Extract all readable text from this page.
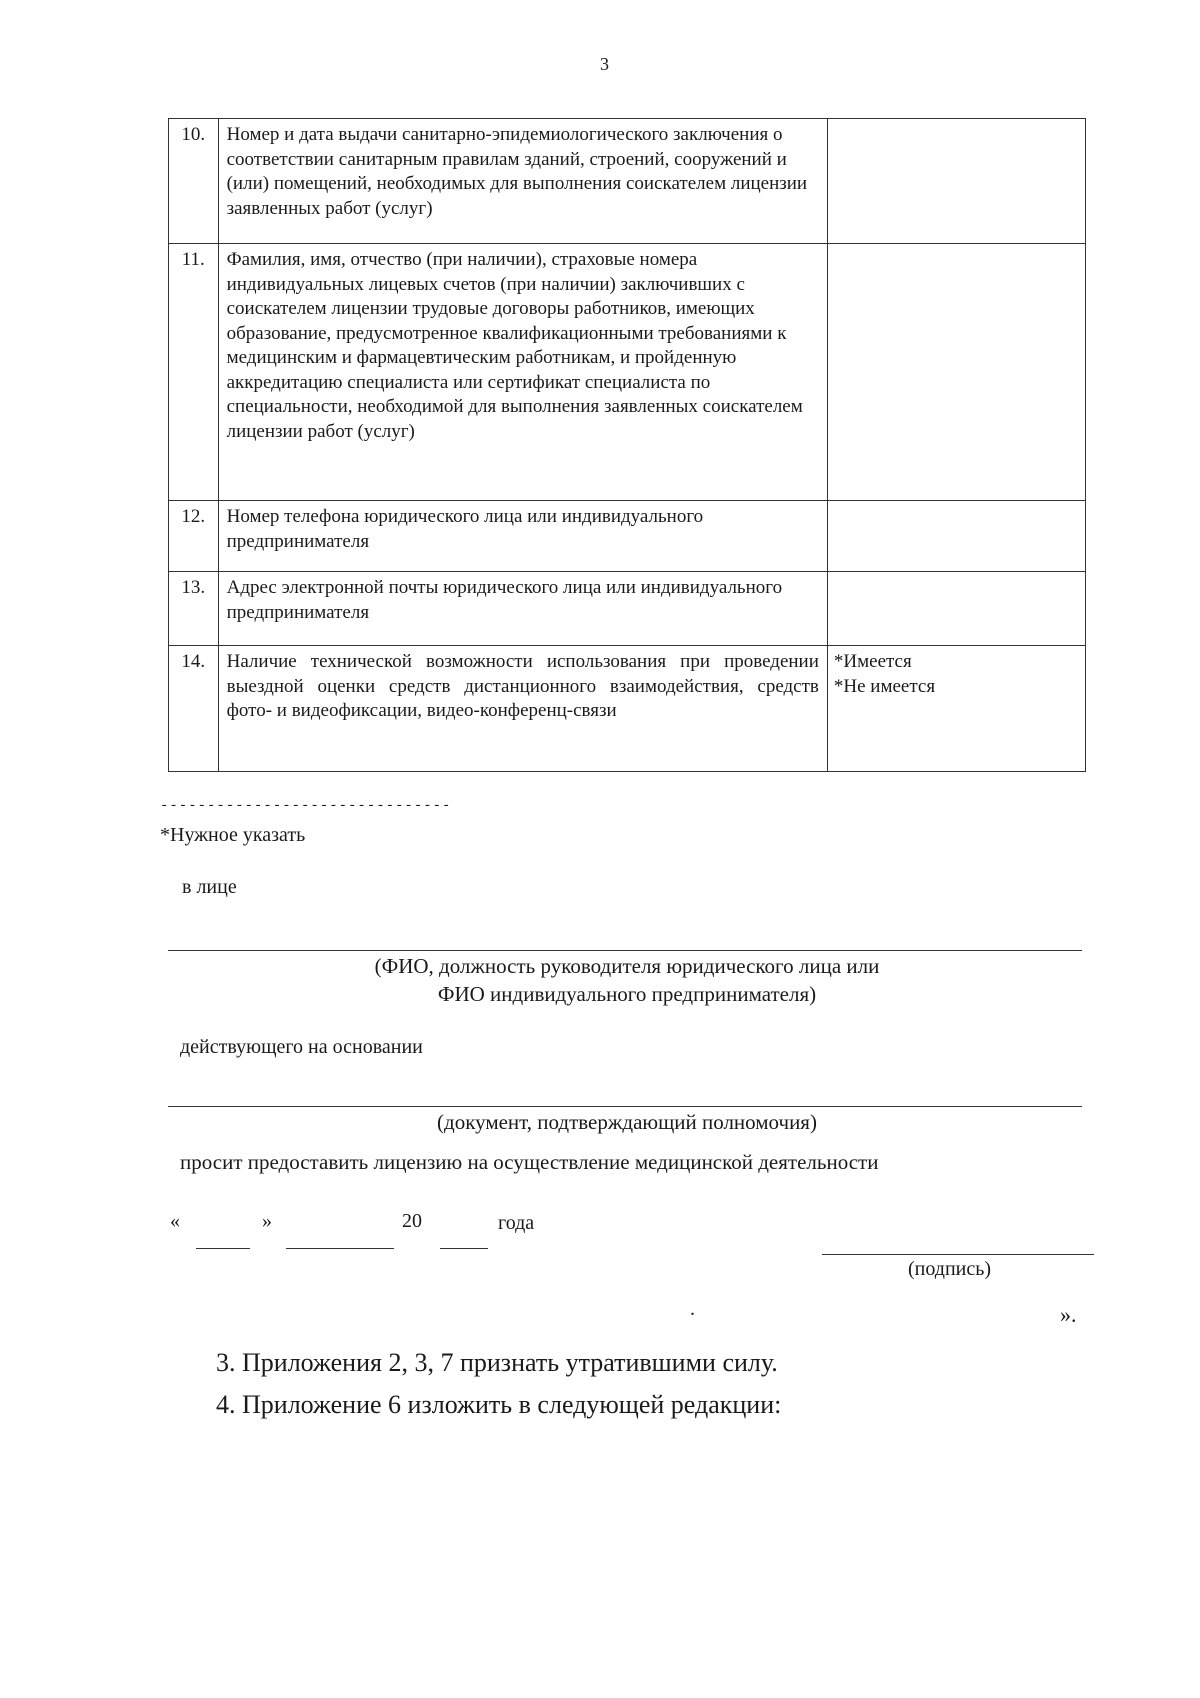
3
10.	Номер и дата выдачи санитарно-эпидемиологического заключения о соответствии санитарным правилам зданий, строений, сооружений и (или) помещений, необходимых для выполнения соискателем лицензии заявленных работ (услуг)	
11.	Фамилия, имя, отчество (при наличии), страховые номера индивидуальных лицевых счетов (при наличии) заключивших с соискателем лицензии трудовые договоры работников, имеющих образование, предусмотренное квалификационными требованиями к медицинским и фармацевтическим работникам, и пройденную аккредитацию специалиста или сертификат специалиста по специальности, необходимой для выполнения заявленных соискателем лицензии работ (услуг)	
12.	Номер телефона юридического лица или индивидуального предпринимателя	
13.	Адрес электронной почты юридического лица или индивидуального предпринимателя	
14.	Наличие технической возможности использования при проведении выездной оценки средств дистанционного взаимодействия, средств фото- и видеофиксации, видео-конференц-связи	*Имеется
*Не имеется
-------------------------------
*Нужное указать
в лице
(ФИО, должность руководителя юридического лица или
ФИО индивидуального предпринимателя)
действующего на основании
(документ, подтверждающий полномочия)
просит предоставить лицензию на осуществление медицинской деятельности
«	»	20	года
(подпись)
.	».
3. Приложения 2, 3, 7 признать утратившими силу.
4. Приложение 6 изложить в следующей редакции:
